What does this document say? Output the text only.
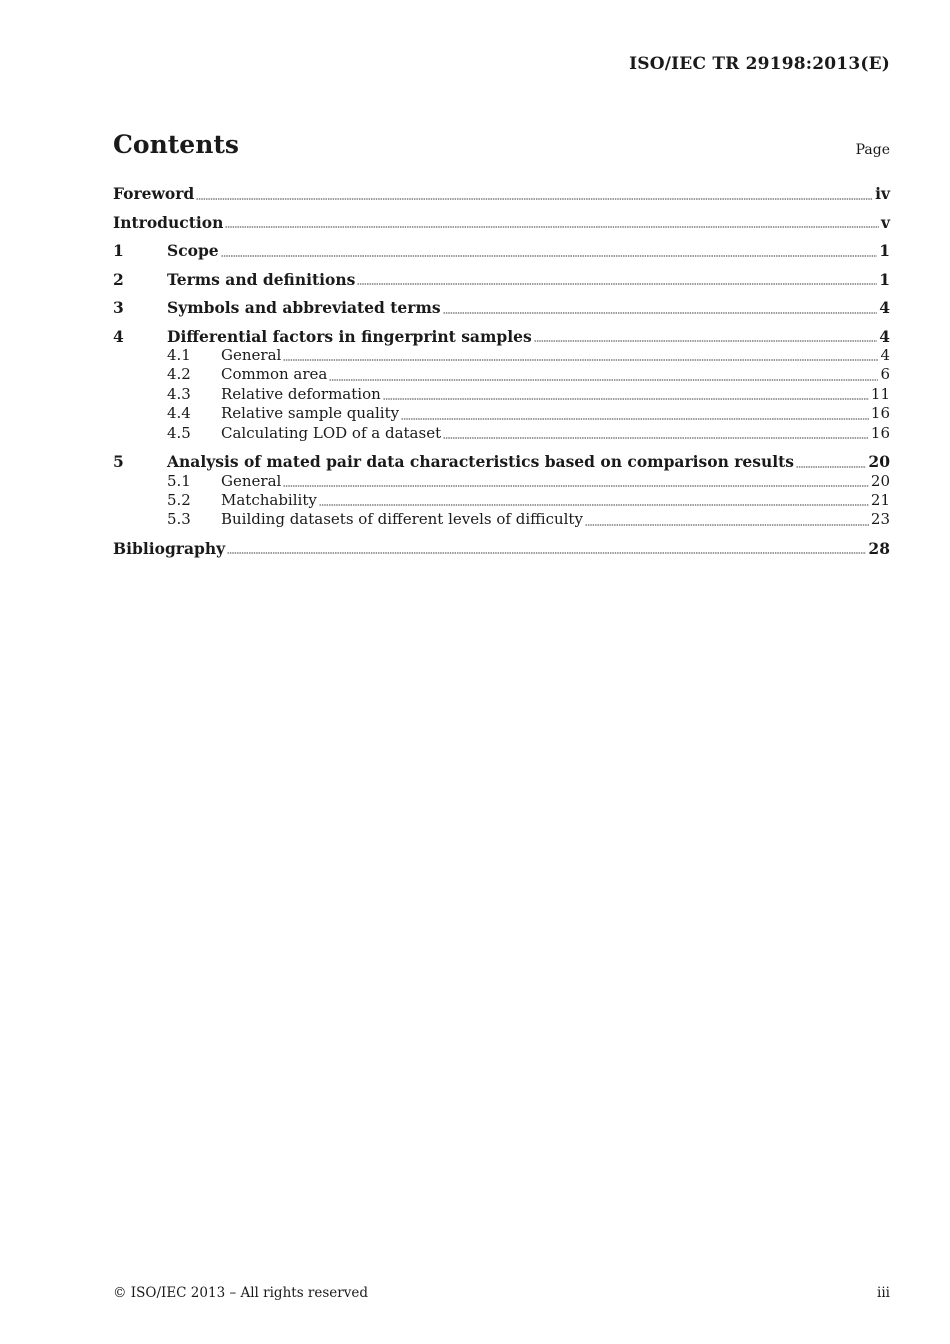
ISO/IEC TR 29198:2013(E)
Contents	Page
Foreword	iv
Introduction	v
1	Scope	1
2	Terms and definitions	1
3	Symbols and abbreviated terms	4
4	Differential factors in fingerprint samples	4
4.1	General	4
4.2	Common area	6
4.3	Relative deformation	11
4.4	Relative sample quality	16
4.5	Calculating LOD of a dataset	16
5	Analysis of mated pair data characteristics based on comparison results	20
5.1	General	20
5.2	Matchability	21
5.3	Building datasets of different levels of difficulty	23
Bibliography	28
© ISO/IEC 2013 – All rights reserved	iii
